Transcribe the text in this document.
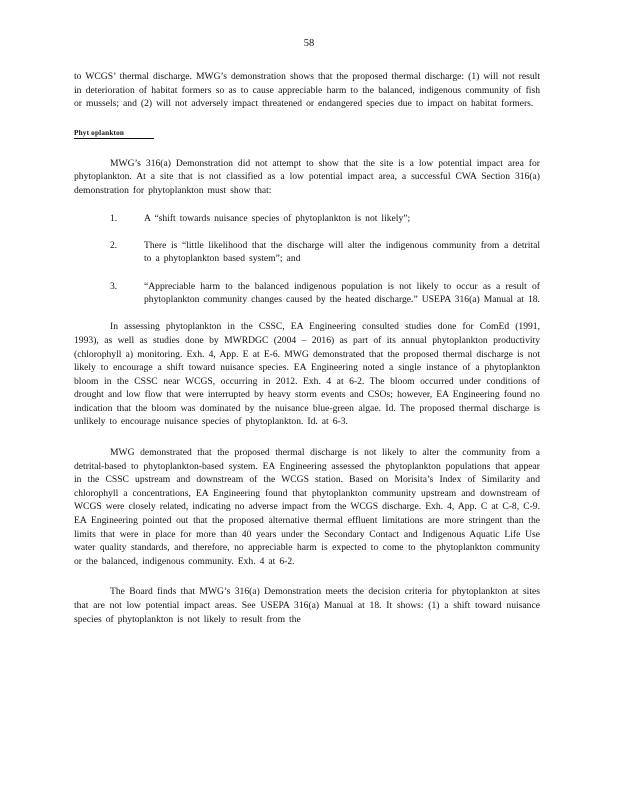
58

to WCGS’ thermal discharge. MWG’s demonstration shows that the proposed thermal discharge: (1) will not result in deterioration of habitat formers so as to cause appreciable harm to the balanced, indigenous community of fish or mussels; and (2) will not adversely impact threatened or endangered species due to impact on habitat formers.

Phyt oplankton

MWG’s 316(a) Demonstration did not attempt to show that the site is a low potential impact area for phytoplankton. At a site that is not classified as a low potential impact area, a successful CWA Section 316(a) demonstration for phytoplankton must show that:

1.	A “shift towards nuisance species of phytoplankton is not likely”;
2.	There is “little likelihood that the discharge will alter the indigenous community from a detrital to a phytoplankton based system”; and
3.	“Appreciable harm to the balanced indigenous population is not likely to occur as a result of phytoplankton community changes caused by the heated discharge.” USEPA 316(a) Manual at 18.

In assessing phytoplankton in the CSSC, EA Engineering consulted studies done for ComEd (1991, 1993), as well as studies done by MWRDGC (2004 – 2016) as part of its annual phytoplankton productivity (chlorophyll a) monitoring. Exh. 4, App. E at E-6. MWG demonstrated that the proposed thermal discharge is not likely to encourage a shift toward nuisance species. EA Engineering noted a single instance of a phytoplankton bloom in the CSSC near WCGS, occurring in 2012. Exh. 4 at 6-2. The bloom occurred under conditions of drought and low flow that were interrupted by heavy storm events and CSOs; however, EA Engineering found no indication that the bloom was dominated by the nuisance blue-green algae. Id. The proposed thermal discharge is unlikely to encourage nuisance species of phytoplankton. Id. at 6-3.

MWG demonstrated that the proposed thermal discharge is not likely to alter the community from a detrital-based to phytoplankton-based system. EA Engineering assessed the phytoplankton populations that appear in the CSSC upstream and downstream of the WCGS station. Based on Morisita’s Index of Similarity and chlorophyll a concentrations, EA Engineering found that phytoplankton community upstream and downstream of WCGS were closely related, indicating no adverse impact from the WCGS discharge. Exh. 4, App. C at C-8, C-9. EA Engineering pointed out that the proposed alternative thermal effluent limitations are more stringent than the limits that were in place for more than 40 years under the Secondary Contact and Indigenous Aquatic Life Use water quality standards, and therefore, no appreciable harm is expected to come to the phytoplankton community or the balanced, indigenous community. Exh. 4 at 6-2.

The Board finds that MWG’s 316(a) Demonstration meets the decision criteria for phytoplankton at sites that are not low potential impact areas. See USEPA 316(a) Manual at 18. It shows: (1) a shift toward nuisance species of phytoplankton is not likely to result from the
